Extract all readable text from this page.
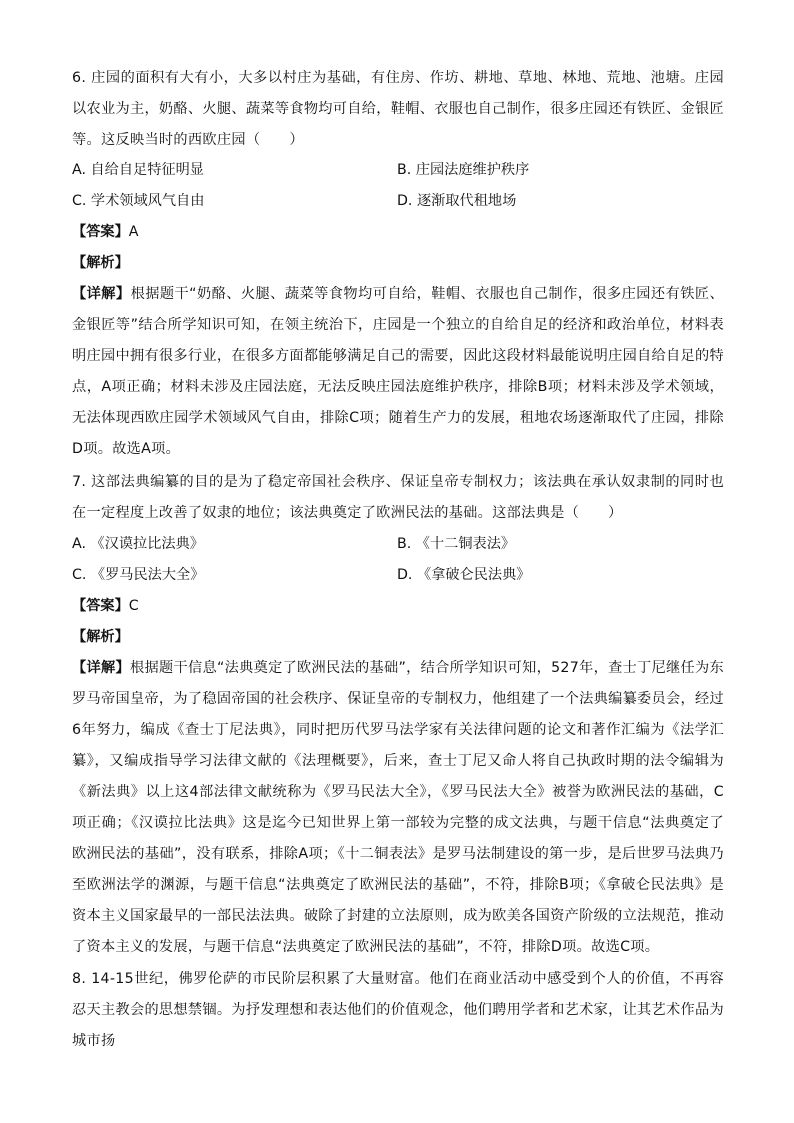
6. 庄园的面积有大有小，大多以村庄为基础，有住房、作坊、耕地、草地、林地、荒地、池塘。庄园以农业为主，奶酪、火腿、蔬菜等食物均可自给，鞋帽、衣服也自己制作，很多庄园还有铁匠、金银匠等。这反映当时的西欧庄园（　　）

A. 自给自足特征明显	B. 庄园法庭维护秩序

C. 学术领域风气自由	D. 逐渐取代租地场

【答案】A

【解析】

【详解】根据题干“奶酪、火腿、蔬菜等食物均可自给，鞋帽、衣服也自己制作，很多庄园还有铁匠、金银匠等”结合所学知识可知，在领主统治下，庄园是一个独立的自给自足的经济和政治单位，材料表明庄园中拥有很多行业，在很多方面都能够满足自己的需要，因此这段材料最能说明庄园自给自足的特点，A项正确；材料未涉及庄园法庭，无法反映庄园法庭维护秩序，排除B项；材料未涉及学术领域，无法体现西欧庄园学术领域风气自由，排除C项；随着生产力的发展，租地农场逐渐取代了庄园，排除D项。故选A项。

7. 这部法典编纂的目的是为了稳定帝国社会秩序、保证皇帝专制权力；该法典在承认奴隶制的同时也在一定程度上改善了奴隶的地位；该法典奠定了欧洲民法的基础。这部法典是（　　）

A. 《汉谟拉比法典》	B. 《十二铜表法》

C. 《罗马民法大全》	D. 《拿破仑民法典》

【答案】C

【解析】

【详解】根据题干信息“法典奠定了欧洲民法的基础”，结合所学知识可知，527年，查士丁尼继任为东罗马帝国皇帝，为了稳固帝国的社会秩序、保证皇帝的专制权力，他组建了一个法典编纂委员会，经过6年努力，编成《查士丁尼法典》，同时把历代罗马法学家有关法律问题的论文和著作汇编为《法学汇纂》，又编成指导学习法律文献的《法理概要》，后来，查士丁尼又命人将自己执政时期的法令编辑为《新法典》以上这4部法律文献统称为《罗马民法大全》，《罗马民法大全》被誉为欧洲民法的基础，C项正确；《汉谟拉比法典》这是迄今已知世界上第一部较为完整的成文法典，与题干信息“法典奠定了欧洲民法的基础”，没有联系，排除A项；《十二铜表法》是罗马法制建设的第一步，是后世罗马法典乃至欧洲法学的渊源，与题干信息“法典奠定了欧洲民法的基础”，不符，排除B项；《拿破仑民法典》是资本主义国家最早的一部民法法典。破除了封建的立法原则，成为欧美各国资产阶级的立法规范，推动了资本主义的发展，与题干信息“法典奠定了欧洲民法的基础”，不符，排除D项。故选C项。

8. 14-15世纪，佛罗伦萨的市民阶层积累了大量财富。他们在商业活动中感受到个人的价值，不再容忍天主教会的思想禁锢。为抒发理想和表达他们的价值观念，他们聘用学者和艺术家，让其艺术作品为城市扬
